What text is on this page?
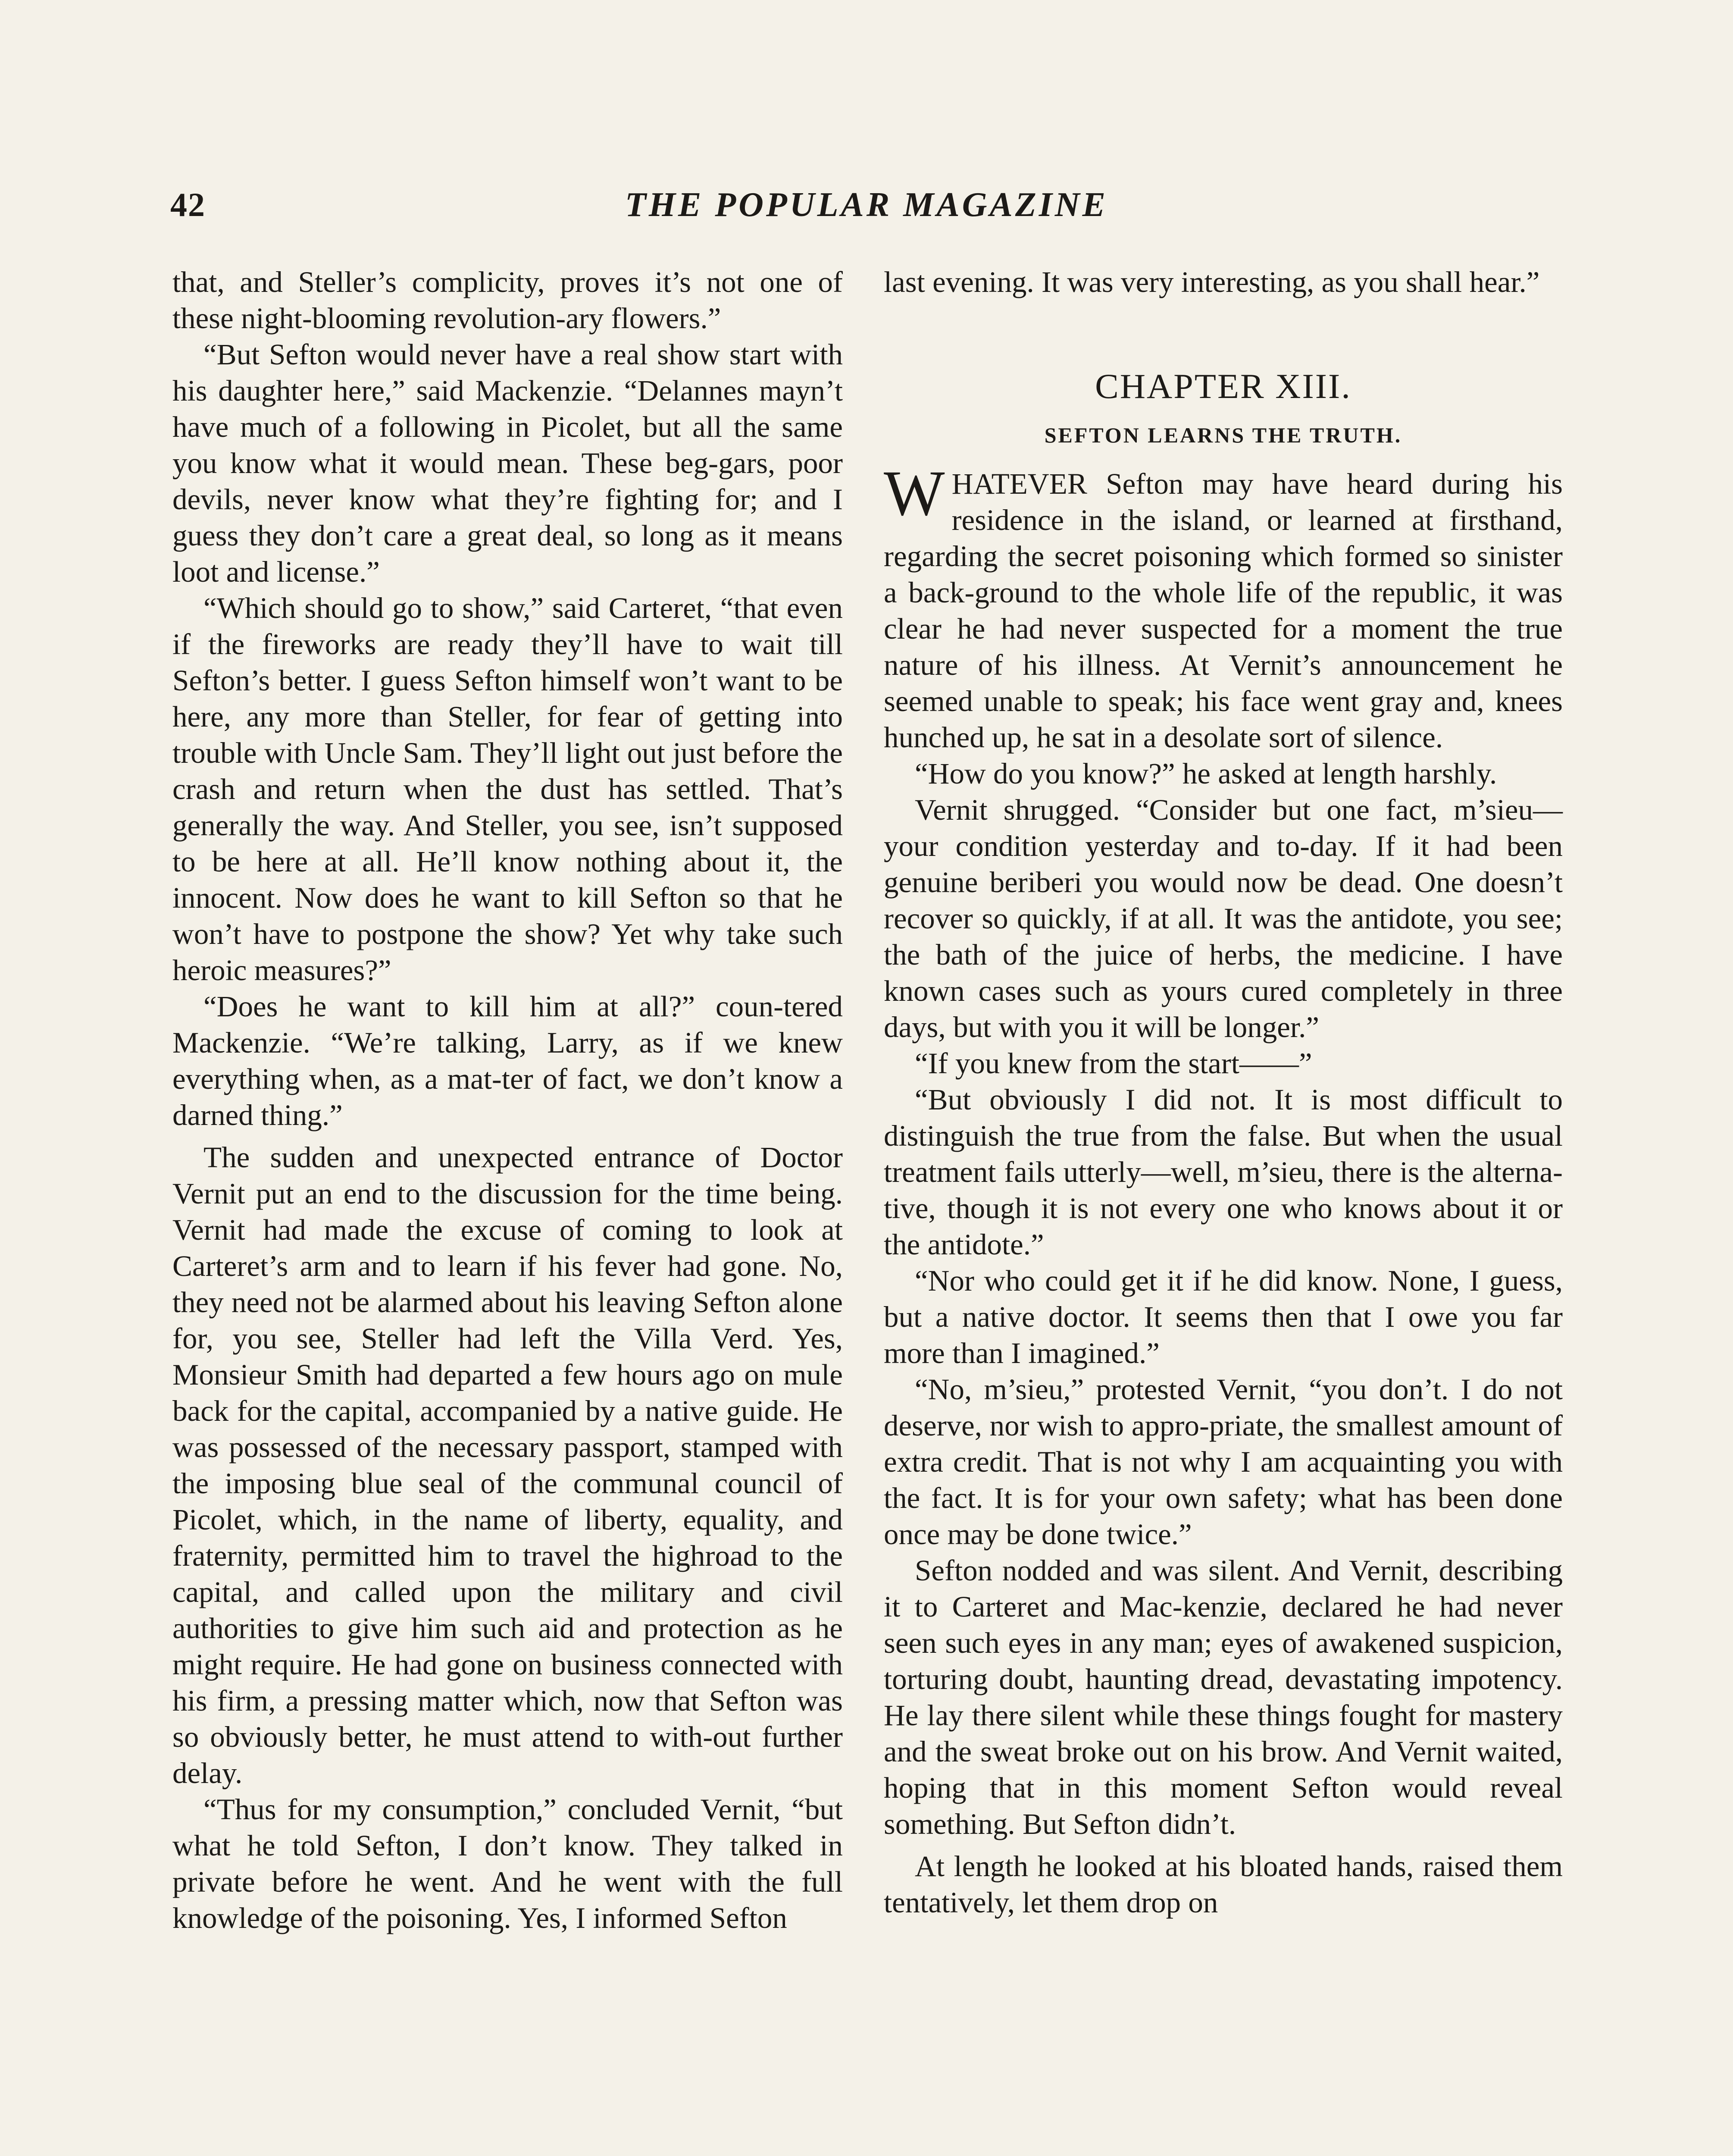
THE POPULAR MAGAZINE
42

that, and Steller’s complicity, proves it’s not one of these night-blooming revolution-ary flowers.”

“But Sefton would never have a real show start with his daughter here,” said Mackenzie. “Delannes mayn’t have much of a following in Picolet, but all the same you know what it would mean. These beg-gars, poor devils, never know what they’re fighting for; and I guess they don’t care a great deal, so long as it means loot and license.”

“Which should go to show,” said Carteret, “that even if the fireworks are ready they’ll have to wait till Sefton’s better. I guess Sefton himself won’t want to be here, any more than Steller, for fear of getting into trouble with Uncle Sam. They’ll light out just before the crash and return when the dust has settled. That’s generally the way. And Steller, you see, isn’t supposed to be here at all. He’ll know nothing about it, the innocent. Now does he want to kill Sefton so that he won’t have to postpone the show? Yet why take such heroic measures?”

“Does he want to kill him at all?” coun-tered Mackenzie. “We’re talking, Larry, as if we knew everything when, as a mat-ter of fact, we don’t know a darned thing.”

The sudden and unexpected entrance of Doctor Vernit put an end to the discussion for the time being. Vernit had made the excuse of coming to look at Carteret’s arm and to learn if his fever had gone. No, they need not be alarmed about his leaving Sefton alone for, you see, Steller had left the Villa Verd. Yes, Monsieur Smith had departed a few hours ago on mule back for the capital, accompanied by a native guide. He was possessed of the necessary passport, stamped with the imposing blue seal of the communal council of Picolet, which, in the name of liberty, equality, and fraternity, permitted him to travel the highroad to the capital, and called upon the military and civil authorities to give him such aid and protection as he might require. He had gone on business connected with his firm, a pressing matter which, now that Sefton was so obviously better, he must attend to with-out further delay.

“Thus for my consumption,” concluded Vernit, “but what he told Sefton, I don’t know. They talked in private before he went. And he went with the full knowledge of the poisoning. Yes, I informed Sefton

last evening. It was very interesting, as you shall hear.”

CHAPTER XIII.
SEFTON LEARNS THE TRUTH.

WHATEVER Sefton may have heard during his residence in the island, or learned at firsthand, regarding the secret poisoning which formed so sinister a back-ground to the whole life of the republic, it was clear he had never suspected for a moment the true nature of his illness. At Vernit’s announcement he seemed unable to speak; his face went gray and, knees hunched up, he sat in a desolate sort of silence.

“How do you know?” he asked at length harshly.

Vernit shrugged. “Consider but one fact, m’sieu—your condition yesterday and to-day. If it had been genuine beriberi you would now be dead. One doesn’t recover so quickly, if at all. It was the antidote, you see; the bath of the juice of herbs, the medicine. I have known cases such as yours cured completely in three days, but with you it will be longer.”

“If you knew from the start——”

“But obviously I did not. It is most difficult to distinguish the true from the false. But when the usual treatment fails utterly—well, m’sieu, there is the alterna-tive, though it is not every one who knows about it or the antidote.”

“Nor who could get it if he did know. None, I guess, but a native doctor. It seems then that I owe you far more than I imagined.”

“No, m’sieu,” protested Vernit, “you don’t. I do not deserve, nor wish to appro-priate, the smallest amount of extra credit. That is not why I am acquainting you with the fact. It is for your own safety; what has been done once may be done twice.”

Sefton nodded and was silent. And Vernit, describing it to Carteret and Mac-kenzie, declared he had never seen such eyes in any man; eyes of awakened suspicion, torturing doubt, haunting dread, devastating impotency. He lay there silent while these things fought for mastery and the sweat broke out on his brow. And Vernit waited, hoping that in this moment Sefton would reveal something. But Sefton didn’t.

At length he looked at his bloated hands, raised them tentatively, let them drop on
